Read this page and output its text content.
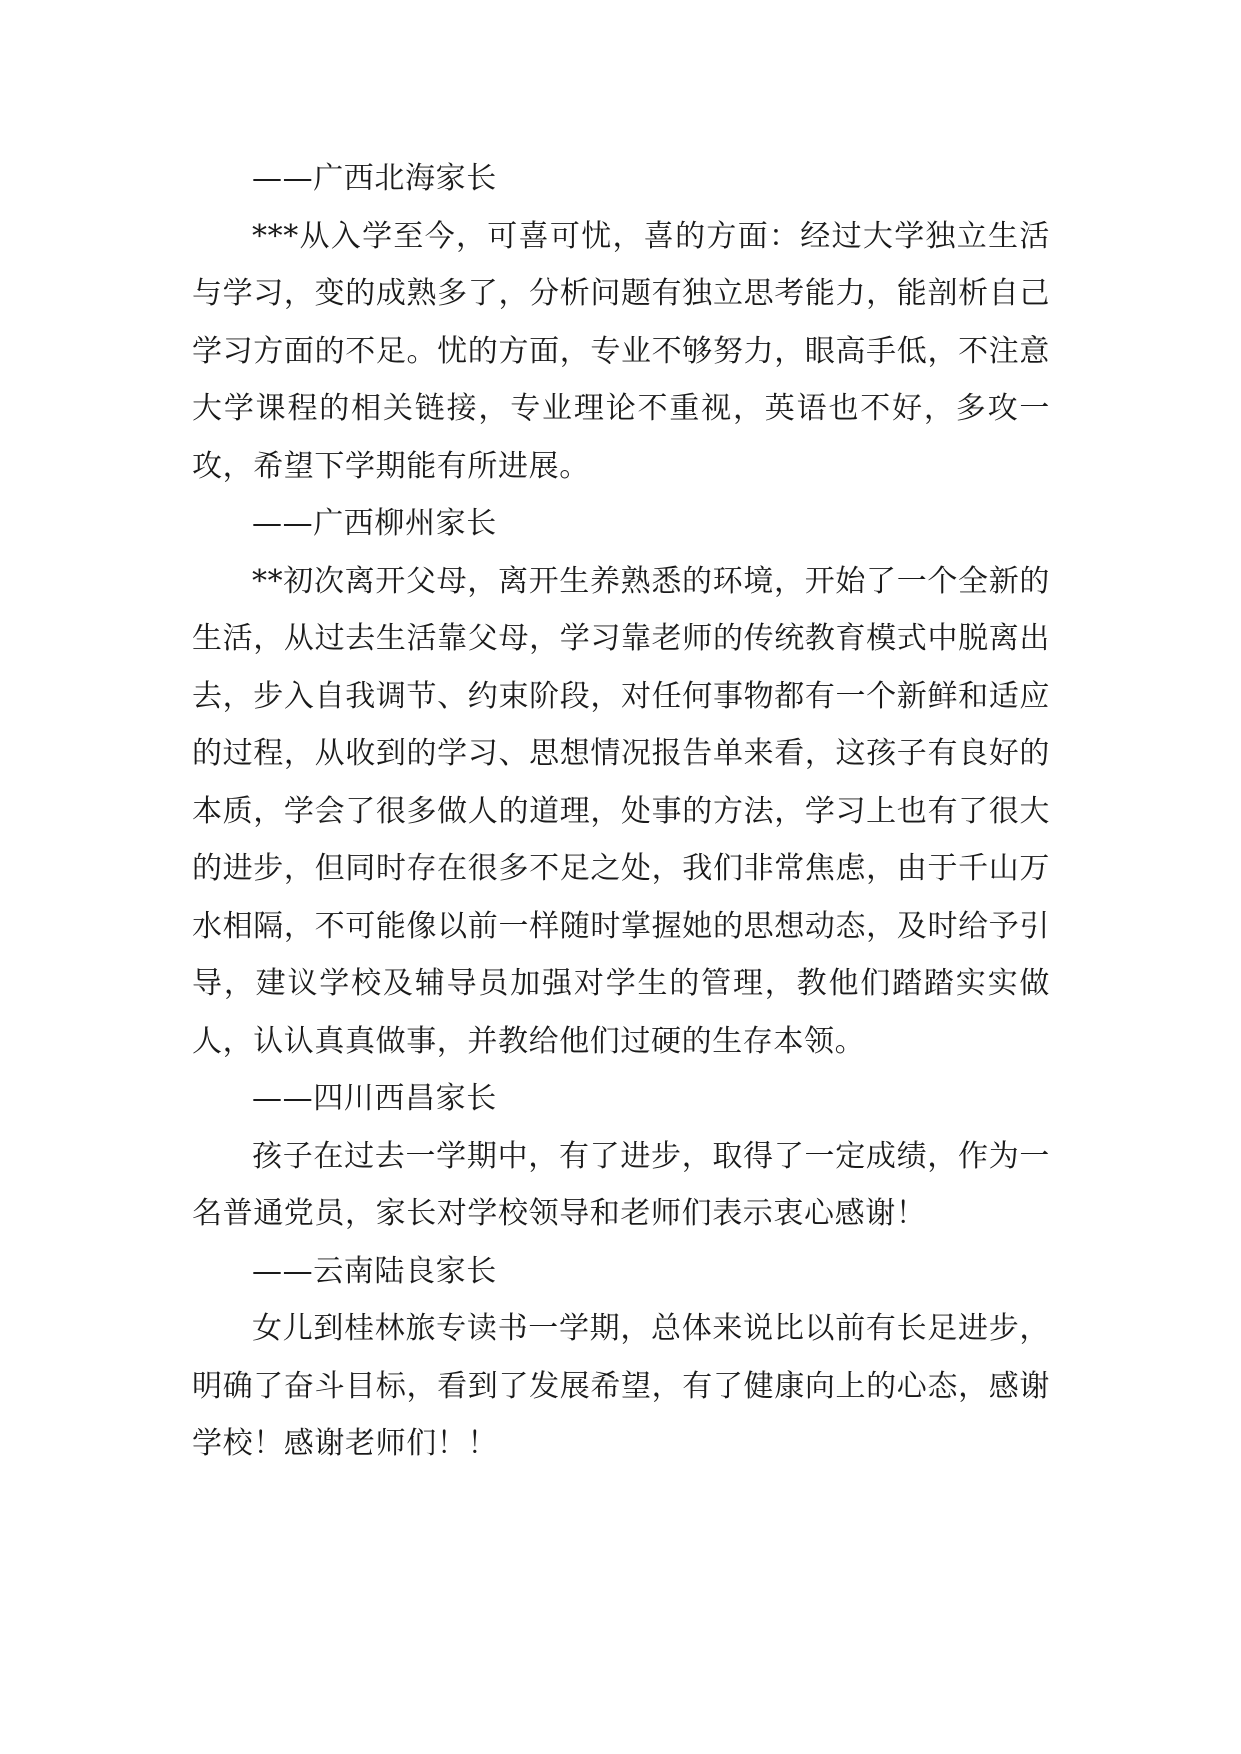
——广西北海家长

***从入学至今，可喜可忧，喜的方面：经过大学独立生活与学习，变的成熟多了，分析问题有独立思考能力，能剖析自己学习方面的不足。忧的方面，专业不够努力，眼高手低，不注意大学课程的相关链接，专业理论不重视，英语也不好，多攻一攻，希望下学期能有所进展。

——广西柳州家长

**初次离开父母，离开生养熟悉的环境，开始了一个全新的生活，从过去生活靠父母，学习靠老师的传统教育模式中脱离出去，步入自我调节、约束阶段，对任何事物都有一个新鲜和适应的过程，从收到的学习、思想情况报告单来看，这孩子有良好的本质，学会了很多做人的道理，处事的方法，学习上也有了很大的进步，但同时存在很多不足之处，我们非常焦虑，由于千山万水相隔，不可能像以前一样随时掌握她的思想动态，及时给予引导，建议学校及辅导员加强对学生的管理，教他们踏踏实实做人，认认真真做事，并教给他们过硬的生存本领。

——四川西昌家长

孩子在过去一学期中，有了进步，取得了一定成绩，作为一名普通党员，家长对学校领导和老师们表示衷心感谢！

——云南陆良家长

女儿到桂林旅专读书一学期，总体来说比以前有长足进步，明确了奋斗目标，看到了发展希望，有了健康向上的心态，感谢学校！感谢老师们！！
